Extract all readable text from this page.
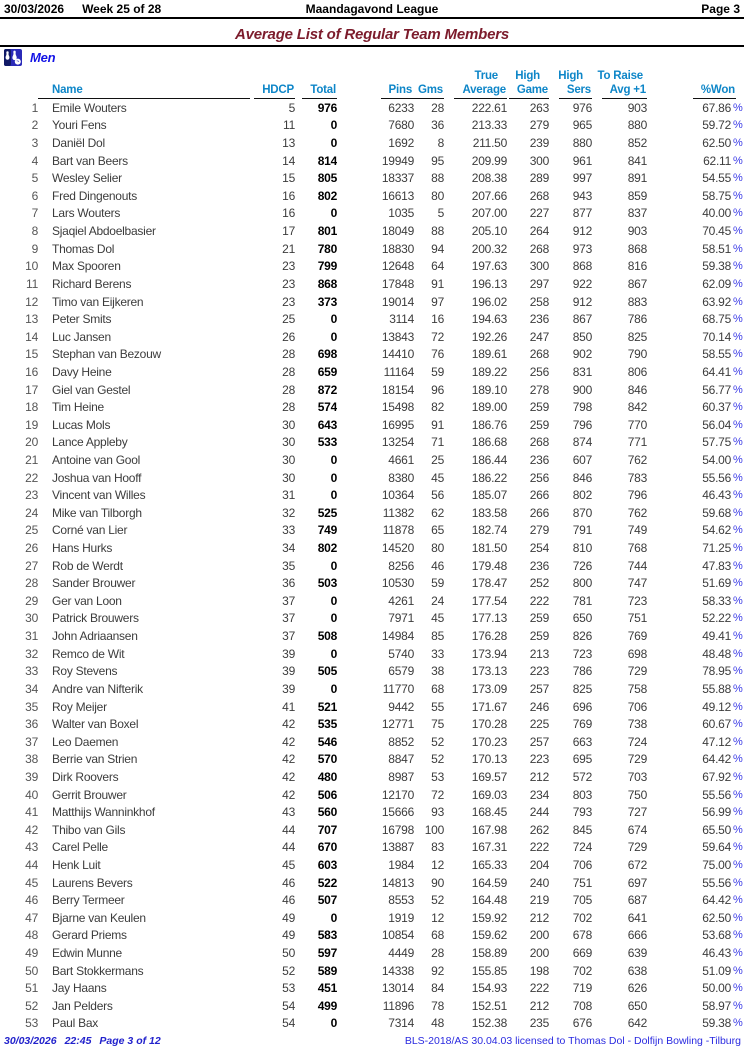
30/03/2026 Week 25 of 28	Maandagavond League	Page 3
Average List of Regular Team Members
Men
						True	High	High	To Raise		

	Name	HDCP	Total	Pins  Gms		Average	Game	Sers	Avg +1	%Won	
1	Emile Wouters	5	976	6233	28	222.61	263	976	903	67.86	%
2	Youri Fens	11	0	7680	36	213.33	279	965	880	59.72	%
3	Daniël Dol	13	0	1692	8	211.50	239	880	852	62.50	%
4	Bart van Beers	14	814	19949	95	209.99	300	961	841	62.11	%
5	Wesley Selier	15	805	18337	88	208.38	289	997	891	54.55	%
6	Fred Dingenouts	16	802	16613	80	207.66	268	943	859	58.75	%
7	Lars Wouters	16	0	1035	5	207.00	227	877	837	40.00	%
8	Sjaqiel Abdoelbasier	17	801	18049	88	205.10	264	912	903	70.45	%
9	Thomas Dol	21	780	18830	94	200.32	268	973	868	58.51	%
10	Max Spooren	23	799	12648	64	197.63	300	868	816	59.38	%
11	Richard Berens	23	868	17848	91	196.13	297	922	867	62.09	%
12	Timo van Eijkeren	23	373	19014	97	196.02	258	912	883	63.92	%
13	Peter Smits	25	0	3114	16	194.63	236	867	786	68.75	%
14	Luc Jansen	26	0	13843	72	192.26	247	850	825	70.14	%
15	Stephan van Bezouw	28	698	14410	76	189.61	268	902	790	58.55	%
16	Davy Heine	28	659	11164	59	189.22	256	831	806	64.41	%
17	Giel van Gestel	28	872	18154	96	189.10	278	900	846	56.77	%
18	Tim Heine	28	574	15498	82	189.00	259	798	842	60.37	%
19	Lucas Mols	30	643	16995	91	186.76	259	796	770	56.04	%
20	Lance Appleby	30	533	13254	71	186.68	268	874	771	57.75	%
21	Antoine van Gool	30	0	4661	25	186.44	236	607	762	54.00	%
22	Joshua van Hooff	30	0	8380	45	186.22	256	846	783	55.56	%
23	Vincent van Willes	31	0	10364	56	185.07	266	802	796	46.43	%
24	Mike van Tilborgh	32	525	11382	62	183.58	266	870	762	59.68	%
25	Corné van Lier	33	749	11878	65	182.74	279	791	749	54.62	%
26	Hans Hurks	34	802	14520	80	181.50	254	810	768	71.25	%
27	Rob de Werdt	35	0	8256	46	179.48	236	726	744	47.83	%
28	Sander Brouwer	36	503	10530	59	178.47	252	800	747	51.69	%
29	Ger van Loon	37	0	4261	24	177.54	222	781	723	58.33	%
30	Patrick Brouwers	37	0	7971	45	177.13	259	650	751	52.22	%
31	John Adriaansen	37	508	14984	85	176.28	259	826	769	49.41	%
32	Remco de Wit	39	0	5740	33	173.94	213	723	698	48.48	%
33	Roy Stevens	39	505	6579	38	173.13	223	786	729	78.95	%
34	Andre van Nifterik	39	0	11770	68	173.09	257	825	758	55.88	%
35	Roy Meijer	41	521	9442	55	171.67	246	696	706	49.12	%
36	Walter van Boxel	42	535	12771	75	170.28	225	769	738	60.67	%
37	Leo Daemen	42	546	8852	52	170.23	257	663	724	47.12	%
38	Berrie van Strien	42	570	8847	52	170.13	223	695	729	64.42	%
39	Dirk Roovers	42	480	8987	53	169.57	212	572	703	67.92	%
40	Gerrit Brouwer	42	506	12170	72	169.03	234	803	750	55.56	%
41	Matthijs Wanninkhof	43	560	15666	93	168.45	244	793	727	56.99	%
42	Thibo van Gils	44	707	16798	100	167.98	262	845	674	65.50	%
43	Carel Pelle	44	670	13887	83	167.31	222	724	729	59.64	%
44	Henk Luit	45	603	1984	12	165.33	204	706	672	75.00	%
45	Laurens Bevers	46	522	14813	90	164.59	240	751	697	55.56	%
46	Berry Termeer	46	507	8553	52	164.48	219	705	687	64.42	%
47	Bjarne van Keulen	49	0	1919	12	159.92	212	702	641	62.50	%
48	Gerard Priems	49	583	10854	68	159.62	200	678	666	53.68	%
49	Edwin Munne	50	597	4449	28	158.89	200	669	639	46.43	%
50	Bart Stokkermans	52	589	14338	92	155.85	198	702	638	51.09	%
51	Jay Haans	53	451	13014	84	154.93	222	719	626	50.00	%
52	Jan Pelders	54	499	11896	78	152.51	212	708	650	58.97	%
53	Paul Bax	54	0	7314	48	152.38	235	676	642	59.38	%
30/03/2026 22:45 Page 3 of 12	BLS-2018/AS 30.04.03 licensed to Thomas Dol - Dolfijn Bowling -Tilburg
